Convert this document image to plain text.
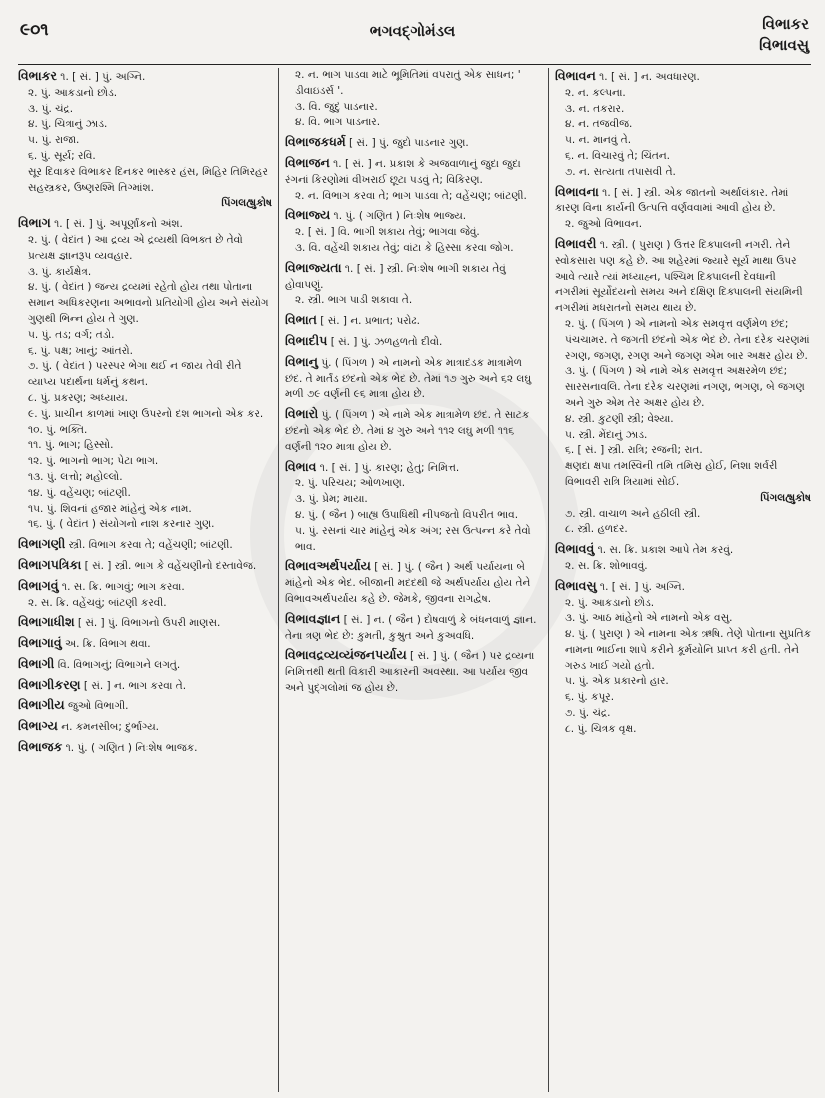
૯૦૧	ભગવદ્ગોમંડલ	વિભાકર
વિભાવસુ
વિભાકર ૧. [ સં. ] પું. અગ્નિ.
૨. પું. આકડાનો છોડ.
૩. પું. ચંદ્ર.
૪. પું. ચિત્રાનું ઝાડ.
૫. પું. રાજા.
૬. પું. સૂર્ય; રવિ.
સૂર દિવાકર વિભાકર દિનકર ભાસ્કર હંસ, મિહિર તિમિરહર સહસ્ત્રકર, ઉષ્ણરશ્મિ તિગ્માંશ.
પિંગલહ્યુકોષ
વિભાગ ૧. [ સં. ] પું. અપૂર્ણાંકનો અંશ.
૨. પું. ( વેદાંત ) આ દ્રવ્ય એ દ્રવ્યથી વિભક્ત છે તેવો પ્રત્યક્ષ જ્ઞાનરૂપ વ્યવહાર.
૩. પું. કાર્યક્ષેત્ર.
૪. પું. ( વેદાંત ) જન્ય દ્રવ્યમાં રહેતો હોય તથા પોતાના સમાન અધિકરણના અભાવનો પ્રતિયોગી હોય અને સંયોગ ગુણથી ભિન્ન હોય તે ગુણ.
૫. પું. તડ; વર્ગ; તડો.
૬. પું. પક્ષ; ખાનું; આંતરો.
૭. પું. ( વેદાંત ) પરસ્પર ભેગા થઈ ન જાય તેવી રીતે વ્યાપ્ય પદાર્થના ધર્મનું કથન.
૮. પું. પ્રકરણ; અધ્યાય.
૯. પું. પ્રાચીન કાળમાં ખાણ ઉપરનો દશ ભાગનો એક કર.
૧૦. પું. ભક્તિ.
૧૧. પું. ભાગ; હિસ્સો.
૧૨. પું. ભાગનો ભાગ; પેટા ભાગ.
૧૩. પું. લત્તો; મહોલ્લો.
૧૪. પું. વહેંચણ; બાંટણી.
૧૫. પું. શિવનાં હજાર માંહેનું એક નામ.
૧૬. પું. ( વેદાંત ) સંયોગનો નાશ કરનાર ગુણ.
વિભાગણી સ્ત્રી. વિભાગ કરવા તે; વહેંચણી; બાંટણી.
વિભાગપત્રિકા [ સં. ] સ્ત્રી. ભાગ કે વહેંચણીનો દસ્તાવેજ.
વિભાગવું ૧. સ. ક્રિ. ભાગવું; ભાગ કરવા.
૨. સ. ક્રિ. વહેંચવું; બાંટણી કરવી.
વિભાગાધીશ [ સં. ] પું. વિભાગનો ઉપરી માણસ.
વિભાગાવું અ. ક્રિ. વિભાગ થવા.
વિભાગી વિ. વિભાગનું; વિભાગને લગતું.
વિભાગીકરણ [ સં. ] ન. ભાગ કરવા તે.
વિભાગીય જુઓ વિભાગી.
વિભાગ્ય ન. કમનસીબ; દુર્ભાગ્ય.
વિભાજક ૧. પું. ( ગણિત ) નિઃશેષ ભાજક.
૨. ન. ભાગ પાડવા માટે ભૂમિતિમાં વપરાતું એક સાધન; ' ડીવાઇડર્સ '.
૩. વિ. જુદું પાડનાર.
૪. વિ. ભાગ પાડનાર.
વિભાજકધર્મ [ સં. ] પું. જુદો પાડનાર ગુણ.
વિભાજન ૧. [ સં. ] ન. પ્રકાશ કે અજવાળાનું જુદા જુદા રંગનાં કિરણોમાં વીખરાઈ છૂટા પડવું તે; વિકિરણ.
૨. ન. વિભાગ કરવા તે; ભાગ પાડવા તે; વહેંચણ; બાંટણી.
વિભાજ્ય ૧. પું. ( ગણિત ) નિઃશેષ ભાજ્ય.
૨. [ સં. ] વિ. ભાગી શકાય તેવું; ભાગવા જેવું.
૩. વિ. વહેંચી શકાય તેવું; વાંટા કે હિસ્સા કરવા જોગ.
વિભાજ્યતા ૧. [ સં. ] સ્ત્રી. નિઃશેષ ભાગી શકાય તેવું હોવાપણું.
૨. સ્ત્રી. ભાગ પાડી શકાવા તે.
વિભાત [ સં. ] ન. પ્રભાત; પરોઢ.
વિભાદીપ [ સં. ] પું. ઝળહળતો દીવો.
વિભાનુ પું. ( પિંગળ ) એ નામનો એક માત્રાદંડક માત્રામેળ છંદ. તે માર્તંડ છંદનો એક ભેદ છે. તેમાં ૧૭ ગુરુ અને ૬૨ લઘુ મળી ૭૯ વર્ણની ૯૬ માત્રા હોય છે.
વિભારો પું. ( પિંગળ ) એ નામે એક માત્રામેળ છંદ. તે સાટક છંદનો એક ભેદ છે. તેમાં ૪ ગુરુ અને ૧૧૨ લઘુ મળી ૧૧૬ વર્ણની ૧૨૦ માત્રા હોય છે.
વિભાવ ૧. [ સં. ] પું. કારણ; હેતુ; નિમિત્ત.
૨. પું. પરિચય; ઓળખાણ.
૩. પું. પ્રેમ; માયા.
૪. પું. ( જૈન ) બાહ્ય ઉપાધિથી નીપજતો વિપરીત ભાવ.
૫. પું. રસનાં ચાર માંહેનું એક અંગ; રસ ઉત્પન્ન કરે તેવો ભાવ.
વિભાવઅર્થપર્યાય [ સં. ] પું. ( જૈન ) અર્થ પર્યાયના બે માંહેનો એક ભેદ. બીજાની મદદથી જે અર્થપર્યાય હોય તેને વિભાવઅર્થપર્યાય કહે છે. જેમકે, જીવના રાગદ્વેષ.
વિભાવજ્ઞાન [ સં. ] ન. ( જૈન ) દોષવાળું કે બંધનવાળું જ્ઞાન. તેના ત્રણ ભેદ છે: કુમતી, કુશ્રુત અને કુઅવધિ.
વિભાવદ્રવ્યવ્યંજનપર્યાય [ સં. ] પું. ( જૈન ) પર દ્રવ્યના નિમિત્તથી થતી વિકારી આકારની અવસ્થા. આ પર્યાય જીવ અને પુદ્ગલોમાં જ હોય છે.
વિભાવન ૧. [ સં. ] ન. અવધારણ.
૨. ન. કલ્પના.
૩. ન. તકરાર.
૪. ન. તજવીજ.
૫. ન. માનવું તે.
૬. ન. વિચારવું તે; ચિંતન.
૭. ન. સત્યતા તપાસવી તે.
વિભાવના ૧. [ સં. ] સ્ત્રી. એક જાતનો અર્થાલંકાર. તેમાં કારણ વિના કાર્યની ઉત્પત્તિ વર્ણવવામાં આવી હોય છે.
૨. જુઓ વિભાવન.
વિભાવરી ૧. સ્ત્રી. ( પુરાણ ) ઉત્તર દિક્પાલની નગરી. તેને સ્વોકસારા પણ કહે છે. આ શહેરમાં જ્યારે સૂર્ય માથા ઉપર આવે ત્યારે ત્યાં મધ્યાહ્ન, પશ્ચિમ દિક્પાલની દેવધાની નગરીમાં સૂર્યોદયનો સમય અને દક્ષિણ દિક્પાલની સંયમિની નગરીમાં મધરાતનો સમય થાય છે.
૨. પું. ( પિંગળ ) એ નામનો એક સમવૃત્ત વર્ણમેળ છંદ; પંચચામર. તે જગતી છંદનો એક ભેદ છે. તેના દરેક ચરણમાં રગણ, જગણ, રગણ અને જગણ એમ બાર અક્ષર હોય છે.
૩. પું. ( પિંગળ ) એ નામે એક સમવૃત્ત અક્ષરમેળ છંદ; સારસનાવલિ. તેના દરેક ચરણમાં નગણ, ભગણ, બે જગણ અને ગુરુ એમ તેર અક્ષર હોય છે.
૪. સ્ત્રી. કુટણી સ્ત્રી; વેશ્યા.
૫. સ્ત્રી. મેંદાનું ઝાડ.
૬. [ સં. ] સ્ત્રી. રાત્રિ; રજની; રાત.
ક્ષણદા ક્ષપા તમસ્વિની તમિ તમિસ્ર હોઈ, નિશા શર્વરી વિભાવરી રાત્રિ ત્રિયામાં સોઈ.
પિંગલહ્યુકોષ
૭. સ્ત્રી. વાચાળ અને હઠીલી સ્ત્રી.
૮. સ્ત્રી. હળદર.
વિભાવવું ૧. સ. ક્રિ. પ્રકાશ આપે તેમ કરવું.
૨. સ. ક્રિ. શોભાવવું.
વિભાવસુ ૧. [ સં. ] પું. અગ્નિ.
૨. પું. આકડાનો છોડ.
૩. પું. આઠ માંહેનો એ નામનો એક વસુ.
૪. પું. ( પુરાણ ) એ નામના એક ઋષિ. તેણે પોતાના સુપ્રતિક નામના ભાઈના શાપે કરીને કૂર્મયોનિ પ્રાપ્ત કરી હતી. તેને ગરુડ ખાઈ ગયો હતો.
૫. પું. એક પ્રકારનો હાર.
૬. પું. કપૂર.
૭. પું. ચંદ્ર.
૮. પું. ચિત્રક વૃક્ષ.
